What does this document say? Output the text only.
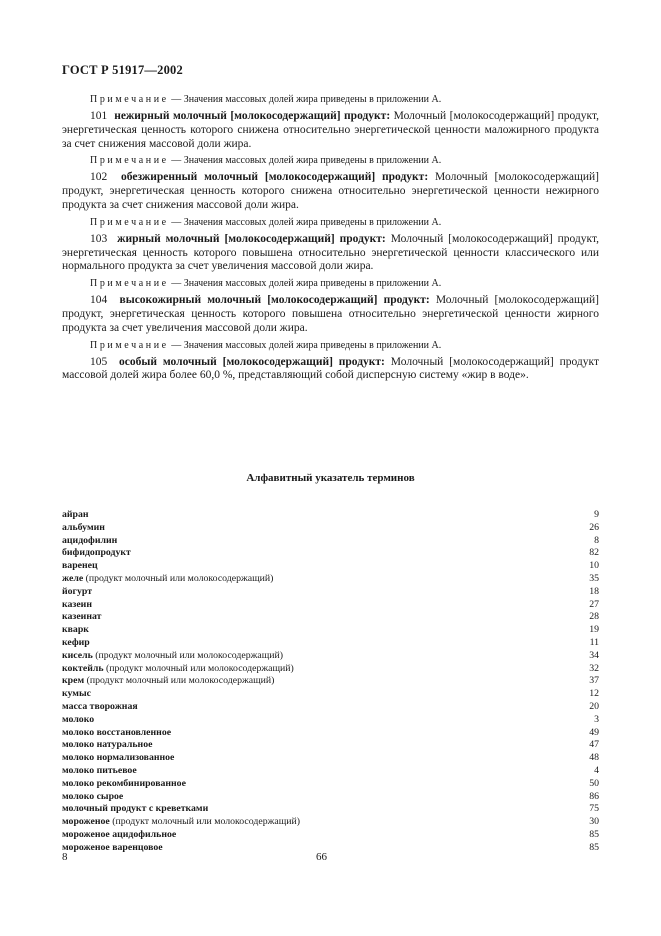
ГОСТ Р 51917—2002

Примечание — Значения массовых долей жира приведены в приложении А.

101 нежирный молочный [молокосодержащий] продукт: Молочный [молокосодержащий] продукт, энергетическая ценность которого снижена относительно энергетической ценности маложирного продукта за счет снижения массовой доли жира.

Примечание — Значения массовых долей жира приведены в приложении А.

102 обезжиренный молочный [молокосодержащий] продукт: Молочный [молокосодержащий] продукт, энергетическая ценность которого снижена относительно энергетической ценности нежирного продукта за счет снижения массовой доли жира.

Примечание — Значения массовых долей жира приведены в приложении А.

103 жирный молочный [молокосодержащий] продукт: Молочный [молокосодержащий] продукт, энергетическая ценность которого повышена относительно энергетической ценности классического или нормального продукта за счет увеличения массовой доли жира.

Примечание — Значения массовых долей жира приведены в приложении А.

104 высокожирный молочный [молокосодержащий] продукт: Молочный [молокосодержащий] продукт, энергетическая ценность которого повышена относительно энергетической ценности жирного продукта за счет увеличения массовой доли жира.

Примечание — Значения массовых долей жира приведены в приложении А.

105 особый молочный [молокосодержащий] продукт: Молочный [молокосодержащий] продукт массовой долей жира более 60,0 %, представляющий собой дисперсную систему «жир в воде».

Алфавитный указатель терминов
айран	9
альбумин	26
ацидофилин	8
бифидопродукт	82
варенец	10
желе (продукт молочный или молокосодержащий)	35
йогурт	18
казеин	27
казеинат	28
кварк	19
кефир	11
кисель (продукт молочный или молокосодержащий)	34
коктейль (продукт молочный или молокосодержащий)	32
крем (продукт молочный или молокосодержащий)	37
кумыс	12
масса творожная	20
молоко	3
молоко восстановленное	49
молоко натуральное	47
молоко нормализованное	48
молоко питьевое	4
молоко рекомбинированное	50
молоко сырое	86
молочный продукт с креветками	75
мороженое (продукт молочный или молокосодержащий)	30
мороженое ацидофильное	85
мороженое варенцовое	85
8	66
